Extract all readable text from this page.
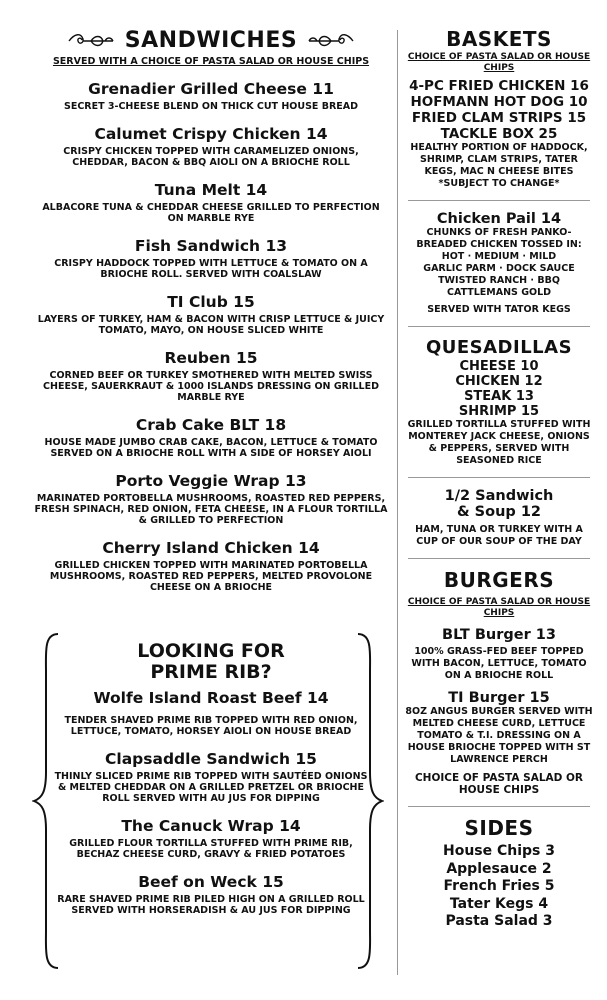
SANDWICHES
SERVED WITH A CHOICE OF PASTA SALAD OR HOUSE CHIPS
Grenadier Grilled Cheese 11
SECRET 3-CHEESE BLEND ON THICK CUT HOUSE BREAD
Calumet Crispy Chicken 14
CRISPY CHICKEN TOPPED WITH CARAMELIZED ONIONS, CHEDDAR, BACON & BBQ AIOLI ON A BRIOCHE ROLL
Tuna Melt 14
ALBACORE TUNA & CHEDDAR CHEESE GRILLED TO PERFECTION ON MARBLE RYE
Fish Sandwich 13
CRISPY HADDOCK TOPPED WITH LETTUCE & TOMATO ON A BRIOCHE ROLL. SERVED WITH COALSLAW
TI Club 15
LAYERS OF TURKEY, HAM & BACON WITH CRISP LETTUCE & JUICY TOMATO, MAYO, ON HOUSE SLICED WHITE
Reuben 15
CORNED BEEF OR TURKEY SMOTHERED WITH MELTED SWISS CHEESE, SAUERKRAUT & 1000 ISLANDS DRESSING ON GRILLED MARBLE RYE
Crab Cake BLT 18
HOUSE MADE JUMBO CRAB CAKE, BACON, LETTUCE & TOMATO SERVED ON A BRIOCHE ROLL WITH A SIDE OF HORSEY AIOLI
Porto Veggie Wrap 13
MARINATED PORTOBELLA MUSHROOMS, ROASTED RED PEPPERS, FRESH SPINACH, RED ONION, FETA CHEESE, IN A FLOUR TORTILLA & GRILLED TO PERFECTION
Cherry Island Chicken 14
GRILLED CHICKEN TOPPED WITH MARINATED PORTOBELLA MUSHROOMS, ROASTED RED PEPPERS, MELTED PROVOLONE CHEESE ON A BRIOCHE
LOOKING FOR
PRIME RIB?
Wolfe Island Roast Beef 14
TENDER SHAVED PRIME RIB TOPPED WITH RED ONION, LETTUCE, TOMATO, HORSEY AIOLI ON HOUSE BREAD
Clapsaddle Sandwich 15
THINLY SLICED PRIME RIB TOPPED WITH SAUTÉED ONIONS & MELTED CHEDDAR ON A GRILLED PRETZEL OR BRIOCHE ROLL SERVED WITH AU JUS FOR DIPPING
The Canuck Wrap 14
GRILLED FLOUR TORTILLA STUFFED WITH PRIME RIB, BECHAZ CHEESE CURD, GRAVY & FRIED POTATOES
Beef on Weck 15
RARE SHAVED PRIME RIB PILED HIGH ON A GRILLED ROLL SERVED WITH HORSERADISH & AU JUS FOR DIPPING
BASKETS
CHOICE OF PASTA SALAD OR HOUSE CHIPS
4-PC FRIED CHICKEN 16
HOFMANN HOT DOG 10
FRIED CLAM STRIPS 15
TACKLE BOX 25
HEALTHY PORTION OF HADDOCK, SHRIMP, CLAM STRIPS, TATER KEGS, MAC N CHEESE BITES
*SUBJECT TO CHANGE*
Chicken Pail 14
CHUNKS OF FRESH PANKO-BREADED CHICKEN TOSSED IN:
HOT · MEDIUM · MILD
GARLIC PARM · DOCK SAUCE
TWISTED RANCH · BBQ
CATTLEMANS GOLD
SERVED WITH TATOR KEGS
QUESADILLAS
CHEESE 10
CHICKEN 12
STEAK 13
SHRIMP 15
GRILLED TORTILLA STUFFED WITH MONTEREY JACK CHEESE, ONIONS & PEPPERS, SERVED WITH SEASONED RICE
1/2 Sandwich
& Soup 12
HAM, TUNA OR TURKEY WITH A CUP OF OUR SOUP OF THE DAY
BURGERS
CHOICE OF PASTA SALAD OR HOUSE CHIPS
BLT Burger 13
100% GRASS-FED BEEF TOPPED WITH BACON, LETTUCE, TOMATO ON A BRIOCHE ROLL
TI Burger 15
8OZ ANGUS BURGER SERVED WITH MELTED CHEESE CURD, LETTUCE TOMATO & T.I. DRESSING ON A HOUSE BRIOCHE TOPPED WITH ST LAWRENCE PERCH
CHOICE OF PASTA SALAD OR HOUSE CHIPS
SIDES
House Chips 3
Applesauce 2
French Fries 5
Tater Kegs 4
Pasta Salad 3
